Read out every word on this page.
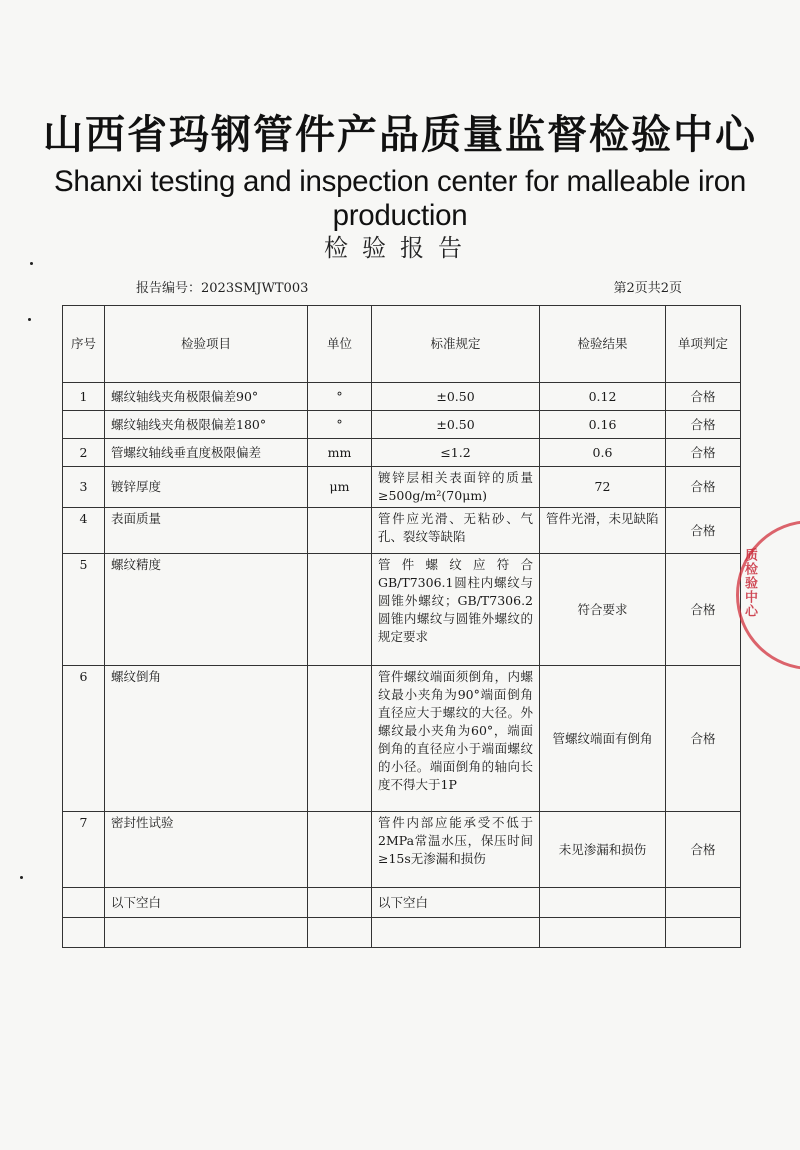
山西省玛钢管件产品质量监督检验中心
Shanxi testing and inspection center for malleable iron production
检验报告
报告编号：2023SMJWT003	第2页共2页
序号	检验项目	单位	标准规定	检验结果	单项判定
1	螺纹轴线夹角极限偏差90°	°	±0.50	0.12	合格
	螺纹轴线夹角极限偏差180°	°	±0.50	0.16	合格
2	管螺纹轴线垂直度极限偏差	mm	≤1.2	0.6	合格
3	镀锌厚度	μm	镀锌层相关表面锌的质量≥500g/m²(70μm)	72	合格
4	表面质量		管件应光滑、无粘砂、气孔、裂纹等缺陷	管件光滑，未见缺陷	合格
5	螺纹精度		管件螺纹应符合GB/T7306.1圆柱内螺纹与圆锥外螺纹；GB/T7306.2圆锥内螺纹与圆锥外螺纹的规定要求	符合要求	合格
6	螺纹倒角		管件螺纹端面须倒角，内螺纹最小夹角为90°端面倒角直径应大于螺纹的大径。外螺纹最小夹角为60°，端面倒角的直径应小于端面螺纹的小径。端面倒角的轴向长度不得大于1P	管螺纹端面有倒角	合格
7	密封性试验		管件内部应能承受不低于2MPa常温水压，保压时间≥15s无渗漏和损伤	未见渗漏和损伤	合格
	以下空白		以下空白		

质检验中心
